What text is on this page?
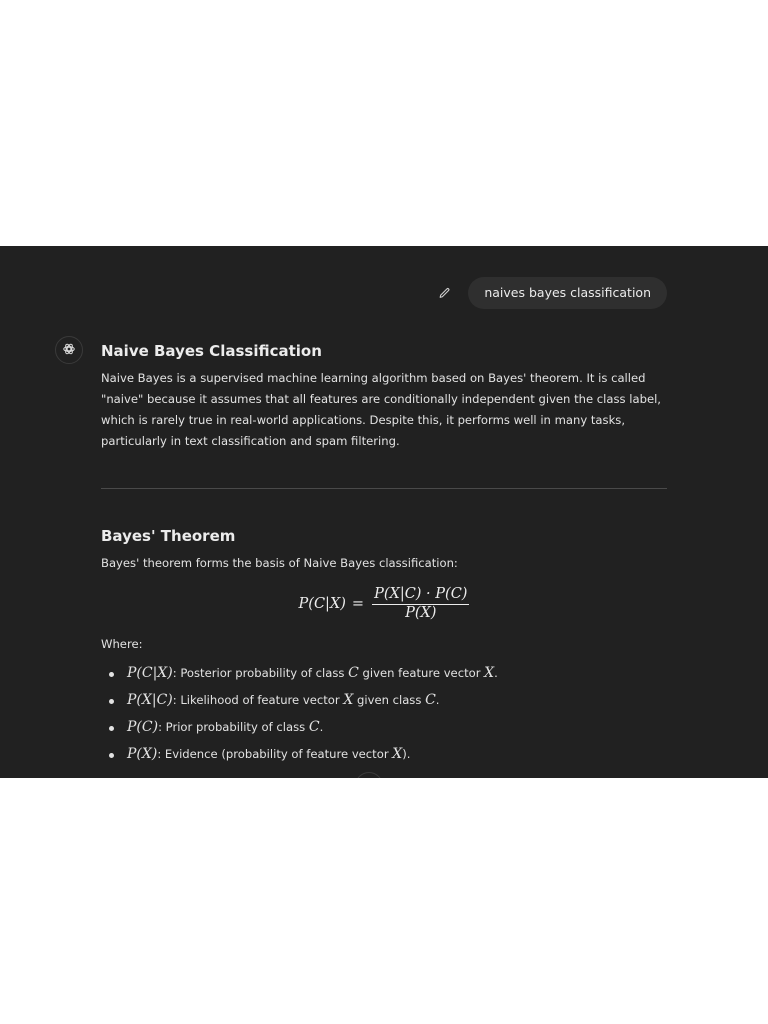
naives bayes classification
Naive Bayes Classification

Naive Bayes is a supervised machine learning algorithm based on Bayes' theorem. It is called "naive" because it assumes that all features are conditionally independent given the class label, which is rarely true in real-world applications. Despite this, it performs well in many tasks, particularly in text classification and spam filtering.

Bayes' Theorem

Bayes' theorem forms the basis of Naive Bayes classification:

$P(C|X) = \frac{P(X|C) \cdot P(C)}{P(X)}$
Where:
P(C|X): Posterior probability of class C given feature vector X.
P(X|C): Likelihood of feature vector X given class C.
P(C): Prior probability of class C.
P(X): Evidence (probability of feature vector X).
